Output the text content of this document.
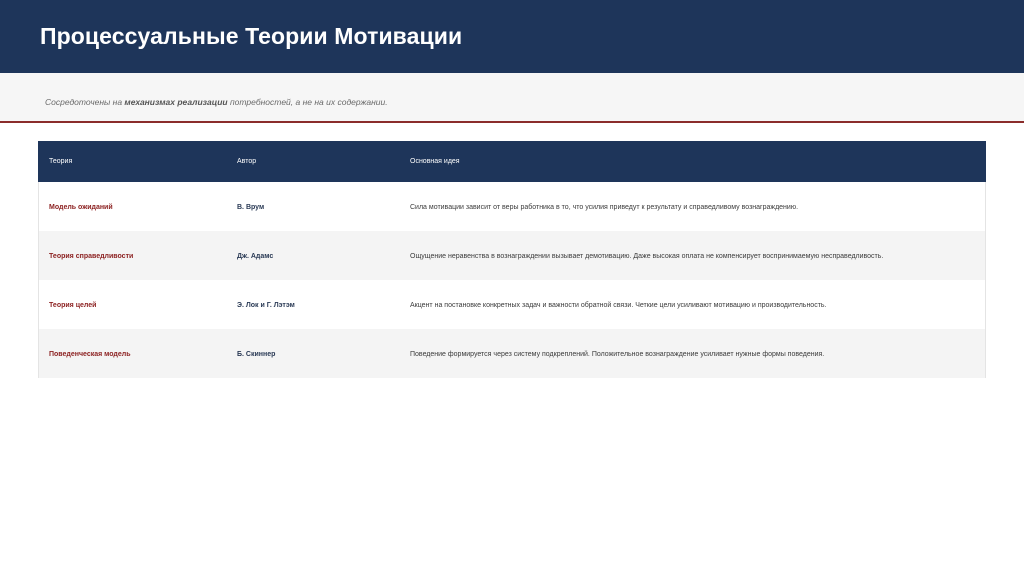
Процессуальные Теории Мотивации
Сосредоточены на механизмах реализации потребностей, а не на их содержании.
Теория	Автор	Основная идея
Модель ожиданий	В. Врум	Сила мотивации зависит от веры работника в то, что усилия приведут к результату и справедливому вознаграждению.
Теория справедливости	Дж. Адамс	Ощущение неравенства в вознаграждении вызывает демотивацию. Даже высокая оплата не компенсирует воспринимаемую несправедливость.
Теория целей	Э. Лок и Г. Лэтэм	Акцент на постановке конкретных задач и важности обратной связи. Четкие цели усиливают мотивацию и производительность.
Поведенческая модель	Б. Скиннер	Поведение формируется через систему подкреплений. Положительное вознаграждение усиливает нужные формы поведения.
